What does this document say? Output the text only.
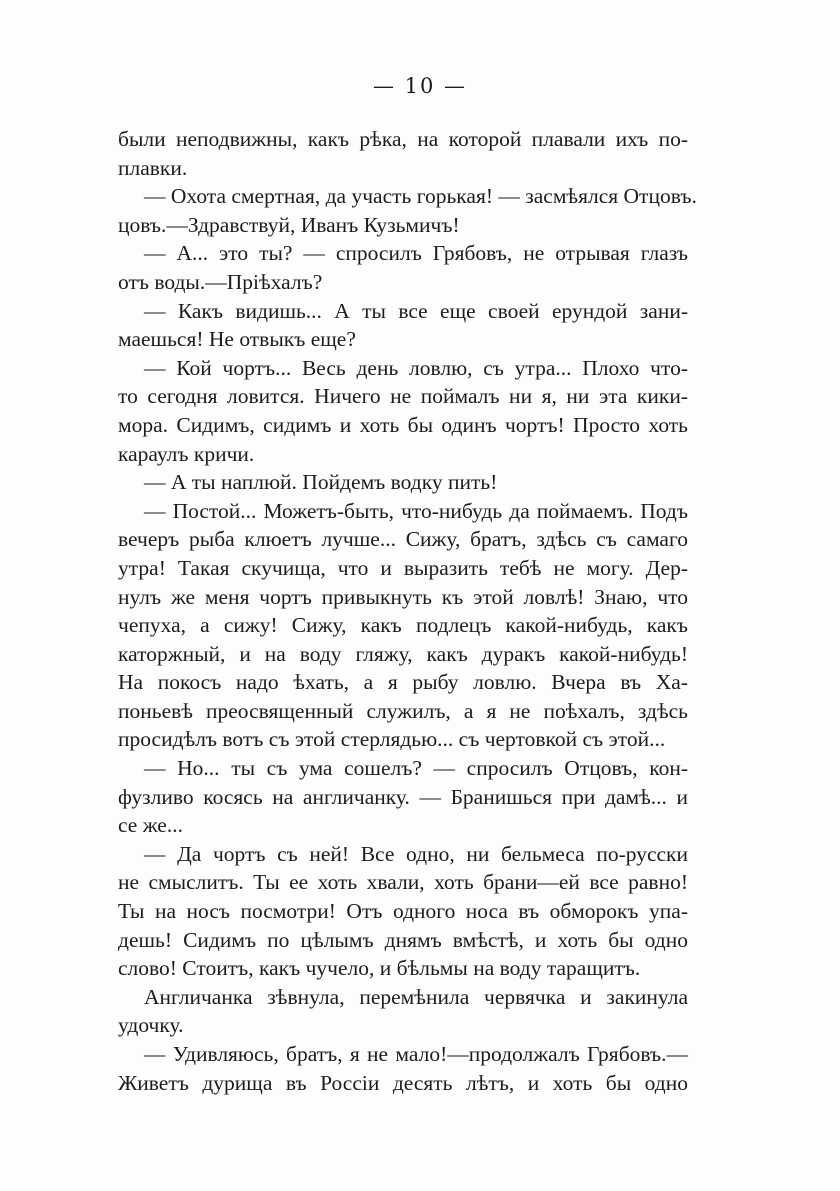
— 10 —
были неподвижны, какъ рѣка, на которой плавали ихъ по-
плавки.
— Охота смертная, да участь горькая! — засмѣялся Отцовъ.
цовъ.—Здравствуй, Иванъ Кузьмичъ!
— А... это ты? — спросилъ Грябовъ, не отрывая глазъ
отъ воды.—Пріѣхалъ?
— Какъ видишь... А ты все еще своей ерундой зани-
маешься! Не отвыкъ еще?
— Кой чортъ... Весь день ловлю, съ утра... Плохо что-
то сегодня ловится. Ничего не поймалъ ни я, ни эта кики-
мора. Сидимъ, сидимъ и хоть бы одинъ чортъ! Просто хоть
караулъ кричи.
— А ты наплюй. Пойдемъ водку пить!
— Постой... Можетъ-быть, что-нибудь да поймаемъ. Подъ
вечеръ рыба клюетъ лучше... Сижу, братъ, здѣсь съ самаго
утра! Такая скучища, что и выразить тебѣ не могу. Дер-
нулъ же меня чортъ привыкнуть къ этой ловлѣ! Знаю, что
чепуха, а сижу! Сижу, какъ подлецъ какой-нибудь, какъ
каторжный, и на воду гляжу, какъ дуракъ какой-нибудь!
На покосъ надо ѣхать, а я рыбу ловлю. Вчера въ Ха-
поньевѣ преосвященный служилъ, а я не поѣхалъ, здѣсь
просидѣлъ вотъ съ этой стерлядью... съ чертовкой съ этой...
— Но... ты съ ума сошелъ? — спросилъ Отцовъ, кон-
фузливо косясь на англичанку. — Бранишься при дамѣ... и
се же...
— Да чортъ съ ней! Все одно, ни бельмеса по-русски
не смыслитъ. Ты ее хоть хвали, хоть брани—ей все равно!
Ты на носъ посмотри! Отъ одного носа въ обморокъ упа-
дешь! Сидимъ по цѣлымъ днямъ вмѣстѣ, и хоть бы одно
слово! Стоитъ, какъ чучело, и бѣльмы на воду таращитъ.
Англичанка зѣвнула, перемѣнила червячка и закинула
удочку.
— Удивляюсь, братъ, я не мало!—продолжалъ Грябовъ.—
Живетъ дурища въ Россіи десять лѣтъ, и хоть бы одно
